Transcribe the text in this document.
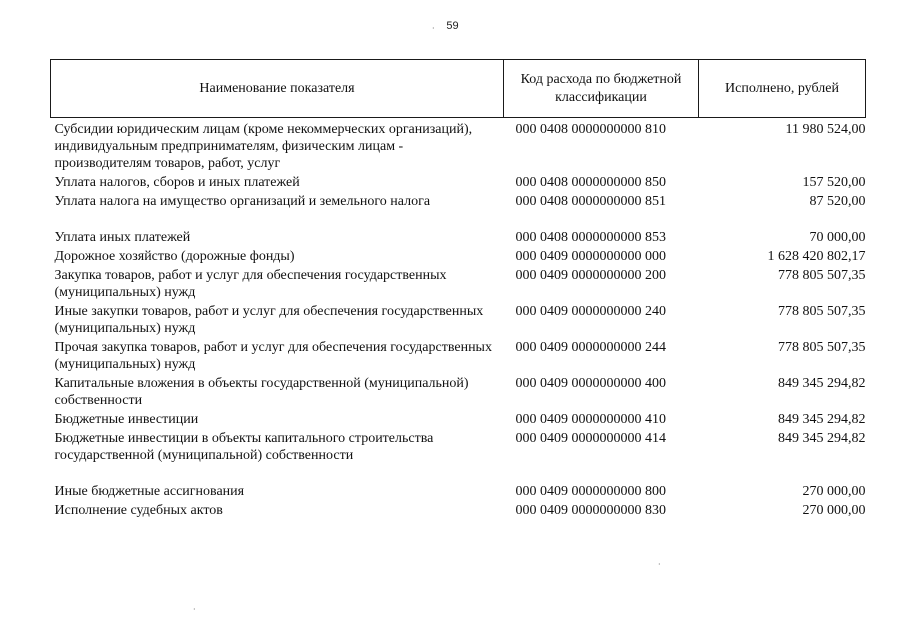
59
Наименование показателя	Код расхода по бюджетной классификации	Исполнено, рублей
Субсидии юридическим лицам (кроме некоммерческих организаций), индивидуальным предпринимателям, физическим лицам - производителям товаров, работ, услуг	000 0408 0000000000 810	11 980 524,00
Уплата налогов, сборов и иных платежей	000 0408 0000000000 850	157 520,00
Уплата налога на имущество организаций и земельного налога	000 0408 0000000000 851	87 520,00
Уплата иных платежей	000 0408 0000000000 853	70 000,00
Дорожное хозяйство (дорожные фонды)	000 0409 0000000000 000	1 628 420 802,17
Закупка товаров, работ и услуг для обеспечения государственных (муниципальных) нужд	000 0409 0000000000 200	778 805 507,35
Иные закупки товаров, работ и услуг для обеспечения государственных (муниципальных) нужд	000 0409 0000000000 240	778 805 507,35
Прочая закупка товаров, работ и услуг для обеспечения государственных (муниципальных) нужд	000 0409 0000000000 244	778 805 507,35
Капитальные вложения в объекты государственной (муниципальной) собственности	000 0409 0000000000 400	849 345 294,82
Бюджетные инвестиции	000 0409 0000000000 410	849 345 294,82
Бюджетные инвестиции в объекты капитального строительства государственной (муниципальной) собственности	000 0409 0000000000 414	849 345 294,82
Иные бюджетные ассигнования	000 0409 0000000000 800	270 000,00
Исполнение судебных актов	000 0409 0000000000 830	270 000,00
·
·
·
